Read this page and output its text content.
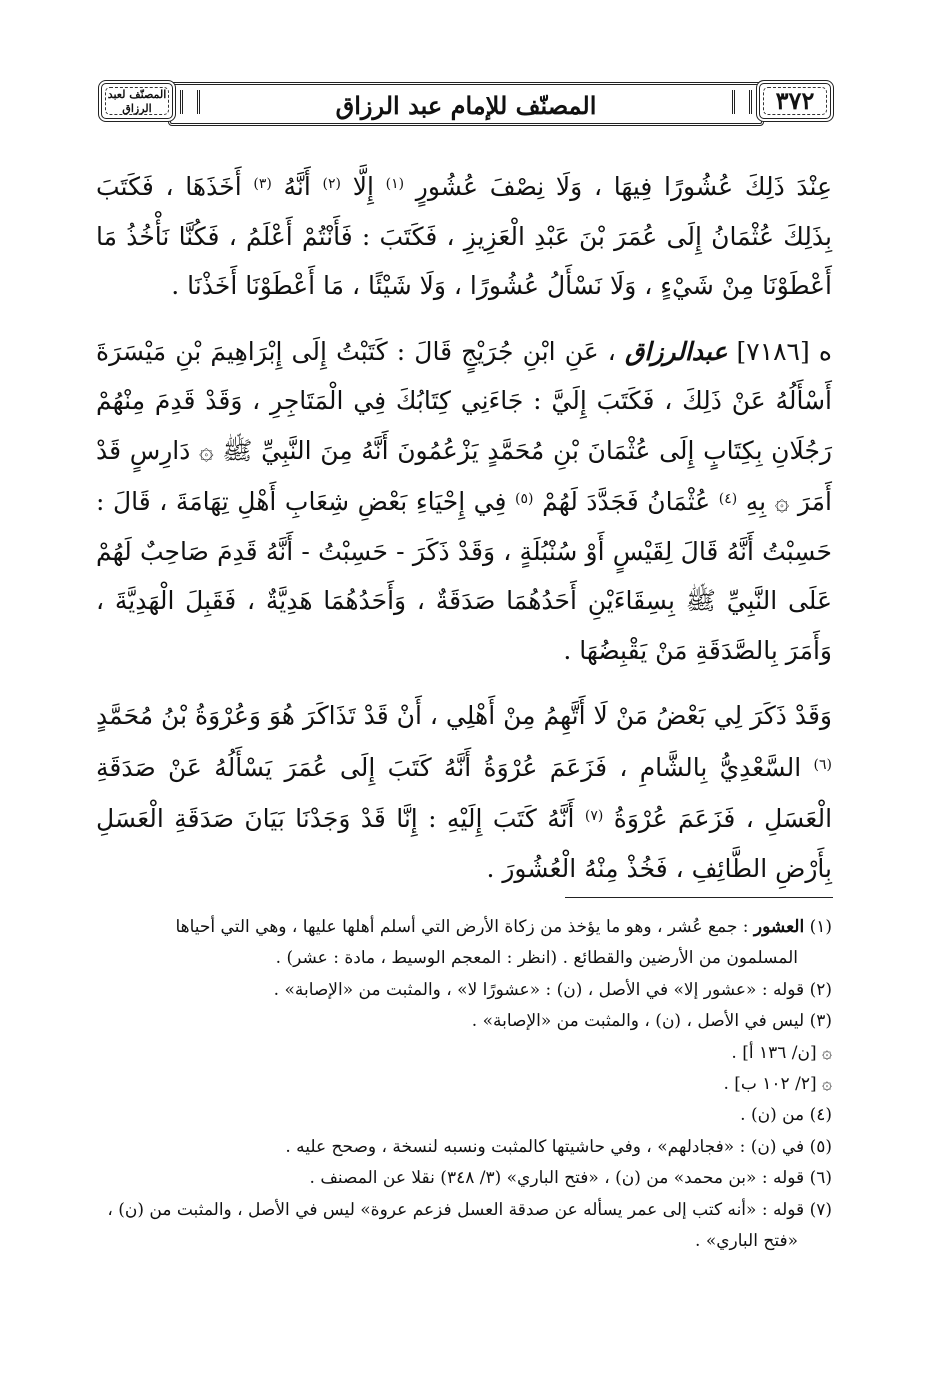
المصنّف للإمام عبد الرزاق	٣٧٢
المصنّف لعبد الرزاق

عِنْدَ ذَلِكَ عُشُورًا فِيهَا ، وَلَا نِصْفَ عُشُورٍ $^{(١)}$ إِلَّا $^{(٢)}$ أَنَّهُ $^{(٣)}$ أَخَذَهَا ، فَكَتَبَ بِذَلِكَ عُثْمَانُ إِلَى عُمَرَ بْنَ عَبْدِ الْعَزِيزِ ، فَكَتَبَ : فَأَنْتُمْ أَعْلَمُ ، فَكُنَّا نَأْخُذُ مَا أَعْطَوْنَا مِنْ شَيْءٍ ، وَلَا نَسْأَلُ عُشُورًا ، وَلَا شَيْئًا ، مَا أَعْطَوْنَا أَخَذْنَا .

ه [٧١٨٦] عبدالرزاق ، عَنِ ابْنِ جُرَيْجٍ قَالَ : كَتَبْتُ إِلَى إِبْرَاهِيمَ بْنِ مَيْسَرَةَ أَسْأَلُهُ عَنْ ذَلِكَ ، فَكَتَبَ إِلَيَّ : جَاءَنِي كِتَابُكَ فِي الْمَتَاجِرِ ، وَقَدْ قَدِمَ مِنْهُمْ رَجُلَانِ بِكِتَابٍ إِلَى عُثْمَانَ بْنِ مُحَمَّدٍ يَزْعُمُونَ أَنَّهُ مِنَ النَّبِيِّ ﷺ ۞ دَارِسٍ قَدْ أَمَرَ ۞ بِهِ $^{(٤)}$ عُثْمَانُ فَجَدَّدَ لَهُمْ $^{(٥)}$ فِي إِحْيَاءِ بَعْضِ شِعَابِ أَهْلِ تِهَامَةَ ، قَالَ : حَسِبْتُ أَنَّهُ قَالَ لِقَيْسٍ أَوْ سُنْبُلَةٍ ، وَقَدْ ذَكَرَ - حَسِبْتُ - أَنَّهُ قَدِمَ صَاحِبٌ لَهُمْ عَلَى النَّبِيِّ ﷺ بِسِقَاءَيْنِ أَحَدُهُمَا صَدَقَةٌ ، وَأَحَدُهُمَا هَدِيَّةٌ ، فَقَبِلَ الْهَدِيَّةَ ، وَأَمَرَ بِالصَّدَقَةِ مَنْ يَقْبِضُهَا .

وَقَدْ ذَكَرَ لِي بَعْضُ مَنْ لَا أَتَّهِمُ مِنْ أَهْلِي ، أَنْ قَدْ تَذَاكَرَ هُوَ وَعُرْوَةُ بْنُ مُحَمَّدٍ $^{(٦)}$ السَّعْدِيُّ بِالشَّامِ ، فَزَعَمَ عُرْوَةُ أَنَّهُ كَتَبَ إِلَى عُمَرَ يَسْأَلُهُ عَنْ صَدَقَةِ الْعَسَلِ ، فَزَعَمَ عُرْوَةُ $^{(٧)}$ أَنَّهُ كَتَبَ إِلَيْهِ : إِنَّا قَدْ وَجَدْنَا بَيَانَ صَدَقَةِ الْعَسَلِ بِأَرْضِ الطَّائِفِ ، فَخُذْ مِنْهُ الْعُشُورَ .

(١) العشور : جمع عُشر ، وهو ما يؤخذ من زكاة الأرض التي أسلم أهلها عليها ، وهي التي أحياها
المسلمون من الأرضين والقطائع . (انظر : المعجم الوسيط ، مادة : عشر) .

(٢) قوله : «عشور إلا» في الأصل ، (ن) : «عشورًا لا» ، والمثبت من «الإصابة» .

(٣) ليس في الأصل ، (ن) ، والمثبت من «الإصابة» .

۞ [ن/ ١٣٦ أ] .

۞ [٢/ ١٠٢ ب] .

(٤) من (ن) .

(٥) في (ن) : «فجادلهم» ، وفي حاشيتها كالمثبت ونسبه لنسخة ، وصحح عليه .

(٦) قوله : «بن محمد» من (ن) ، «فتح الباري» (٣/ ٣٤٨) نقلا عن المصنف .

(٧) قوله : «أنه كتب إلى عمر يسأله عن صدقة العسل فزعم عروة» ليس في الأصل ، والمثبت من (ن) ،
«فتح الباري» .
